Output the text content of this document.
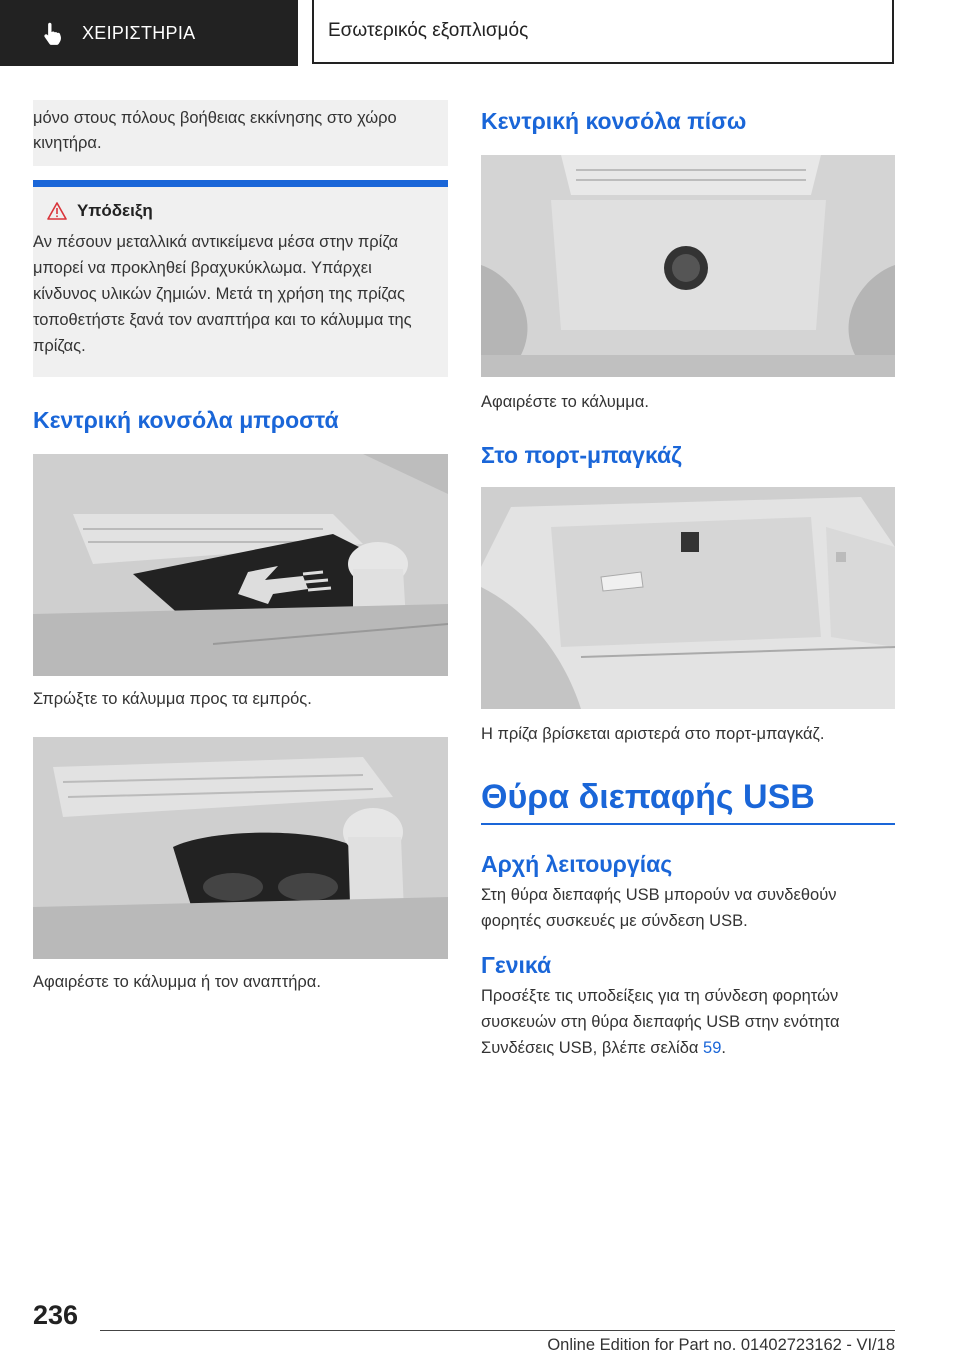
ΧΕΙΡΙΣΤΗΡΙΑ	Εσωτερικός εξοπλισμός
μόνο στους πόλους βοήθειας εκκίνησης στο χώρο κινητήρα.
Υπόδειξη
Αν πέσουν μεταλλικά αντικείμενα μέσα στην πρίζα μπορεί να προκληθεί βραχυκύκλωμα. Υπάρχει κίνδυνος υλικών ζημιών. Μετά τη χρήση της πρίζας τοποθετήστε ξανά τον αναπτήρα και το κάλυμμα της πρίζας.
Κεντρική κονσόλα μπροστά
Σπρώξτε το κάλυμμα προς τα εμπρός.
Αφαιρέστε το κάλυμμα ή τον αναπτήρα.
Κεντρική κονσόλα πίσω
Αφαιρέστε το κάλυμμα.
Στο πορτ-μπαγκάζ
Η πρίζα βρίσκεται αριστερά στο πορτ-μπαγκάζ.
Θύρα διεπαφής USB
Αρχή λειτουργίας
Στη θύρα διεπαφής USB μπορούν να συνδεθούν φορητές συσκευές με σύνδεση USB.
Γενικά
Προσέξτε τις υποδείξεις για τη σύνδεση φορητών συσκευών στη θύρα διεπαφής USB στην ενότητα Συνδέσεις USB, βλέπε σελίδα 59.
236
Online Edition for Part no. 01402723162 - VI/18
